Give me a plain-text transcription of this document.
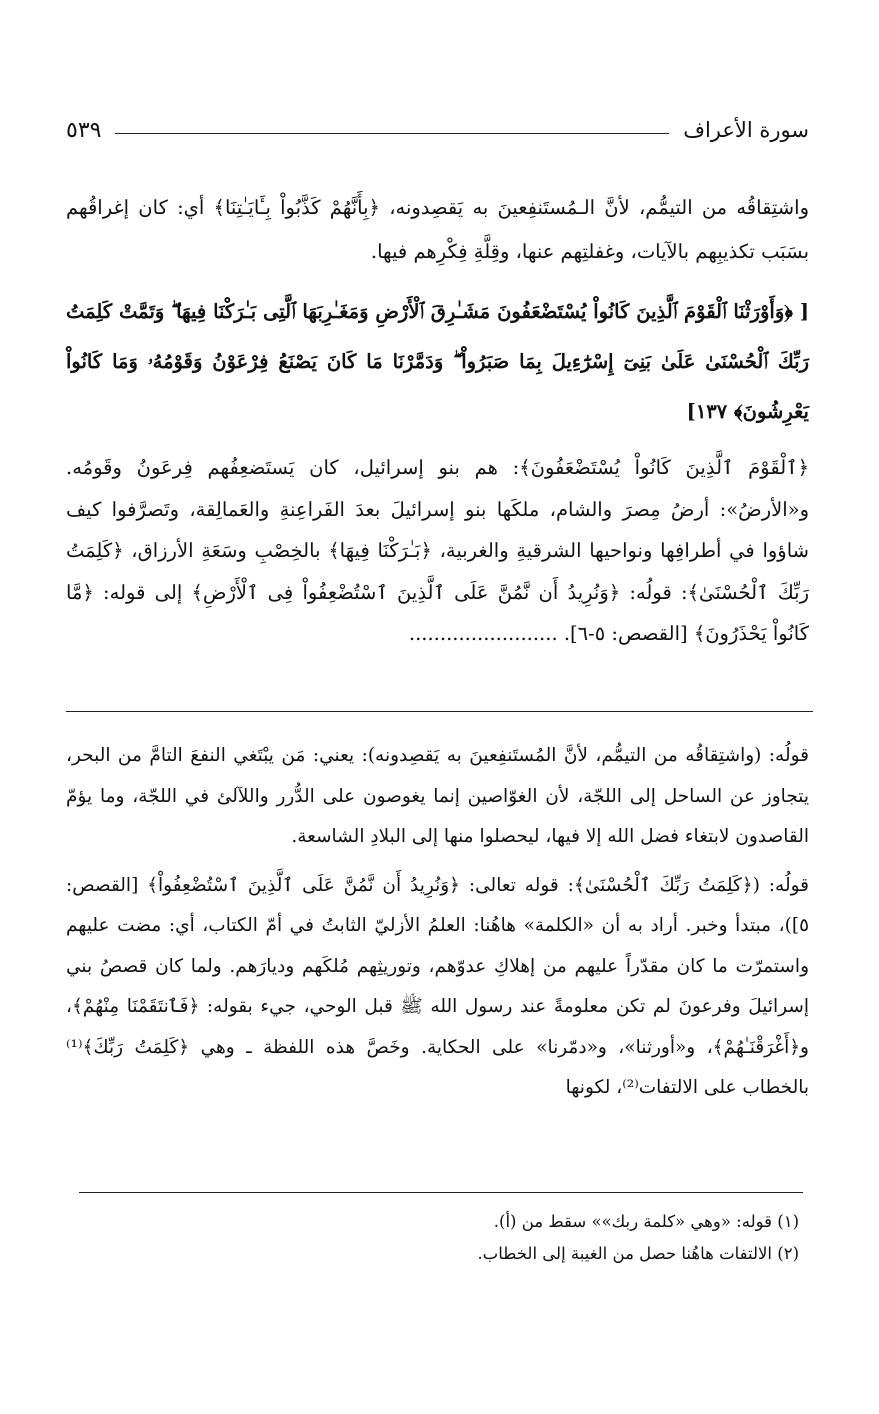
سورة الأعراف
٥٣٩

واشتِقاقُه من التيمُّم، لأنَّ الـمُستَنفِعينَ به يَقصِدونه، ﴿بِأَنَّهُمْ كَذَّبُواْ بِـَٔايَـٰتِنَا﴾ أي: كان إغراقُهم بسَبَب تكذيبِهم بالآيات، وغفلتِهم عنها، وقِلَّةِ فِكْرِهم فيها.

[ ﴿وَأَوْرَثْنَا ٱلْقَوْمَ ٱلَّذِينَ كَانُواْ يُسْتَضْعَفُونَ مَشَـٰرِقَ ٱلْأَرْضِ وَمَغَـٰرِبَهَا ٱلَّتِى بَـٰرَكْنَا فِيهَا ۖ وَتَمَّتْ كَلِمَتُ رَبِّكَ ٱلْحُسْنَىٰ عَلَىٰ بَنِىٓ إِسْرَٰٓءِيلَ بِمَا صَبَرُواْ ۖ وَدَمَّرْنَا مَا كَانَ يَصْنَعُ فِرْعَوْنُ وَقَوْمُهُۥ وَمَا كَانُواْ يَعْرِشُونَ﴾ ١٣٧]

﴿ٱلْقَوْمَ ٱلَّذِينَ كَانُواْ يُسْتَضْعَفُونَ﴾: هم بنو إسرائيل، كان يَستَضعِفُهم فِرعَونُ وقَومُه. و«الأرضُ»: أرضُ مِصرَ والشام، ملكَها بنو إسرائيلَ بعدَ الفَراعِنةِ والعَمالِقة، وتَصرَّفوا كيف شاؤوا في أطرافِها ونواحيها الشرقيةِ والغربية، ﴿بَـٰرَكْنَا فِيهَا﴾ بالخِصْبِ وسَعَةِ الأرزاق، ﴿كَلِمَتُ رَبِّكَ ٱلْحُسْنَىٰ﴾: قولُه: ﴿وَنُرِيدُ أَن نَّمُنَّ عَلَى ٱلَّذِينَ ٱسْتُضْعِفُواْ فِى ٱلْأَرْضِ﴾ إلى قوله: ﴿مَّا كَانُواْ يَحْذَرُونَ﴾ [القصص: ٥-٦]. ........................

قولُه: (واشتِقاقُه من التيمُّم، لأنَّ المُستَنفِعينَ به يَقصِدونه): يعني: مَن يبْتَغي النفعَ التامَّ من البحر، يتجاوز عن الساحل إلى اللجّة، لأن الغوّاصين إنما يغوصون على الدُّرر واللآلئ في اللجّة، وما يؤمّ القاصدون لابتغاء فضل الله إلا فيها، ليحصلوا منها إلى البلادِ الشاسعة.

قولُه: (﴿كَلِمَتُ رَبِّكَ ٱلْحُسْنَىٰ﴾: قوله تعالى: ﴿وَنُرِيدُ أَن نَّمُنَّ عَلَى ٱلَّذِينَ ٱسْتُضْعِفُواْ﴾ [القصص: ٥])، مبتدأ وخبر. أراد به أن «الكلمة» هاهُنا: العلمُ الأزليّ الثابتُ في أمّ الكتاب، أي: مضت عليهم واستمرّت ما كان مقدّراً عليهم من إهلاكِ عدوّهم، وتوريثِهم مُلكَهم وديارَهم. ولما كان قصصُ بني إسرائيلَ وفرعونَ لم تكن معلومةً عند رسول الله ﷺ قبل الوحي، جيء بقوله: ﴿فَٱنتَقَمْنَا مِنْهُمْ﴾، و﴿أَغْرَقْنَـٰهُمْ﴾، و«أورثنا»، و«دمّرنا» على الحكاية. وخَصَّ هذه اللفظة ـ وهي ﴿كَلِمَتُ رَبِّكَ﴾⁽¹⁾ بالخطاب على الالتفات⁽²⁾، لكونها

(١) قوله: «وهي «كلمة ربك»» سقط من (أ).

(٢) الالتفات هاهُنا حصل من الغيبة إلى الخطاب.
